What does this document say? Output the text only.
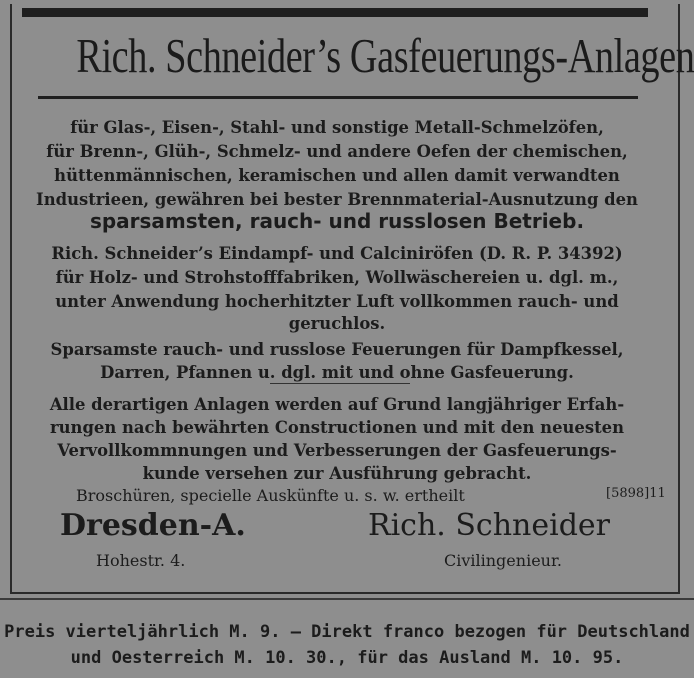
Rich. Schneider’s Gasfeuerungs-Anlagen
für Glas-, Eisen-, Stahl- und sonstige Metall-Schmelzöfen,
für Brenn-, Glüh-, Schmelz- und andere Oefen der chemischen,
hüttenmännischen, keramischen und allen damit verwandten
Industrieen, gewähren bei bester Brennmaterial-Ausnutzung den
sparsamsten, rauch- und russlosen Betrieb.
Rich. Schneider’s Eindampf- und Calciniröfen (D. R. P. 34392)
für Holz- und Strohstofffabriken, Wollwäschereien u. dgl. m.,
unter Anwendung hocherhitzter Luft vollkommen rauch- und
geruchlos.
Sparsamste rauch- und russlose Feuerungen für Dampfkessel,
Darren, Pfannen u. dgl. mit und ohne Gasfeuerung.
Alle derartigen Anlagen werden auf Grund langjähriger Erfah-
rungen nach bewährten Constructionen und mit den neuesten
Vervollkommnungen und Verbesserungen der Gasfeuerungs-
kunde versehen zur Ausführung gebracht.
Broschüren, specielle Auskünfte u. s. w. ertheilt	[5898]11
Dresden-A.
Hohestr. 4.
Rich. Schneider
Civilingenieur.
Preis vierteljährlich M. 9. — Direkt franco bezogen für Deutschland
und Oesterreich M. 10. 30., für das Ausland M. 10. 95.
